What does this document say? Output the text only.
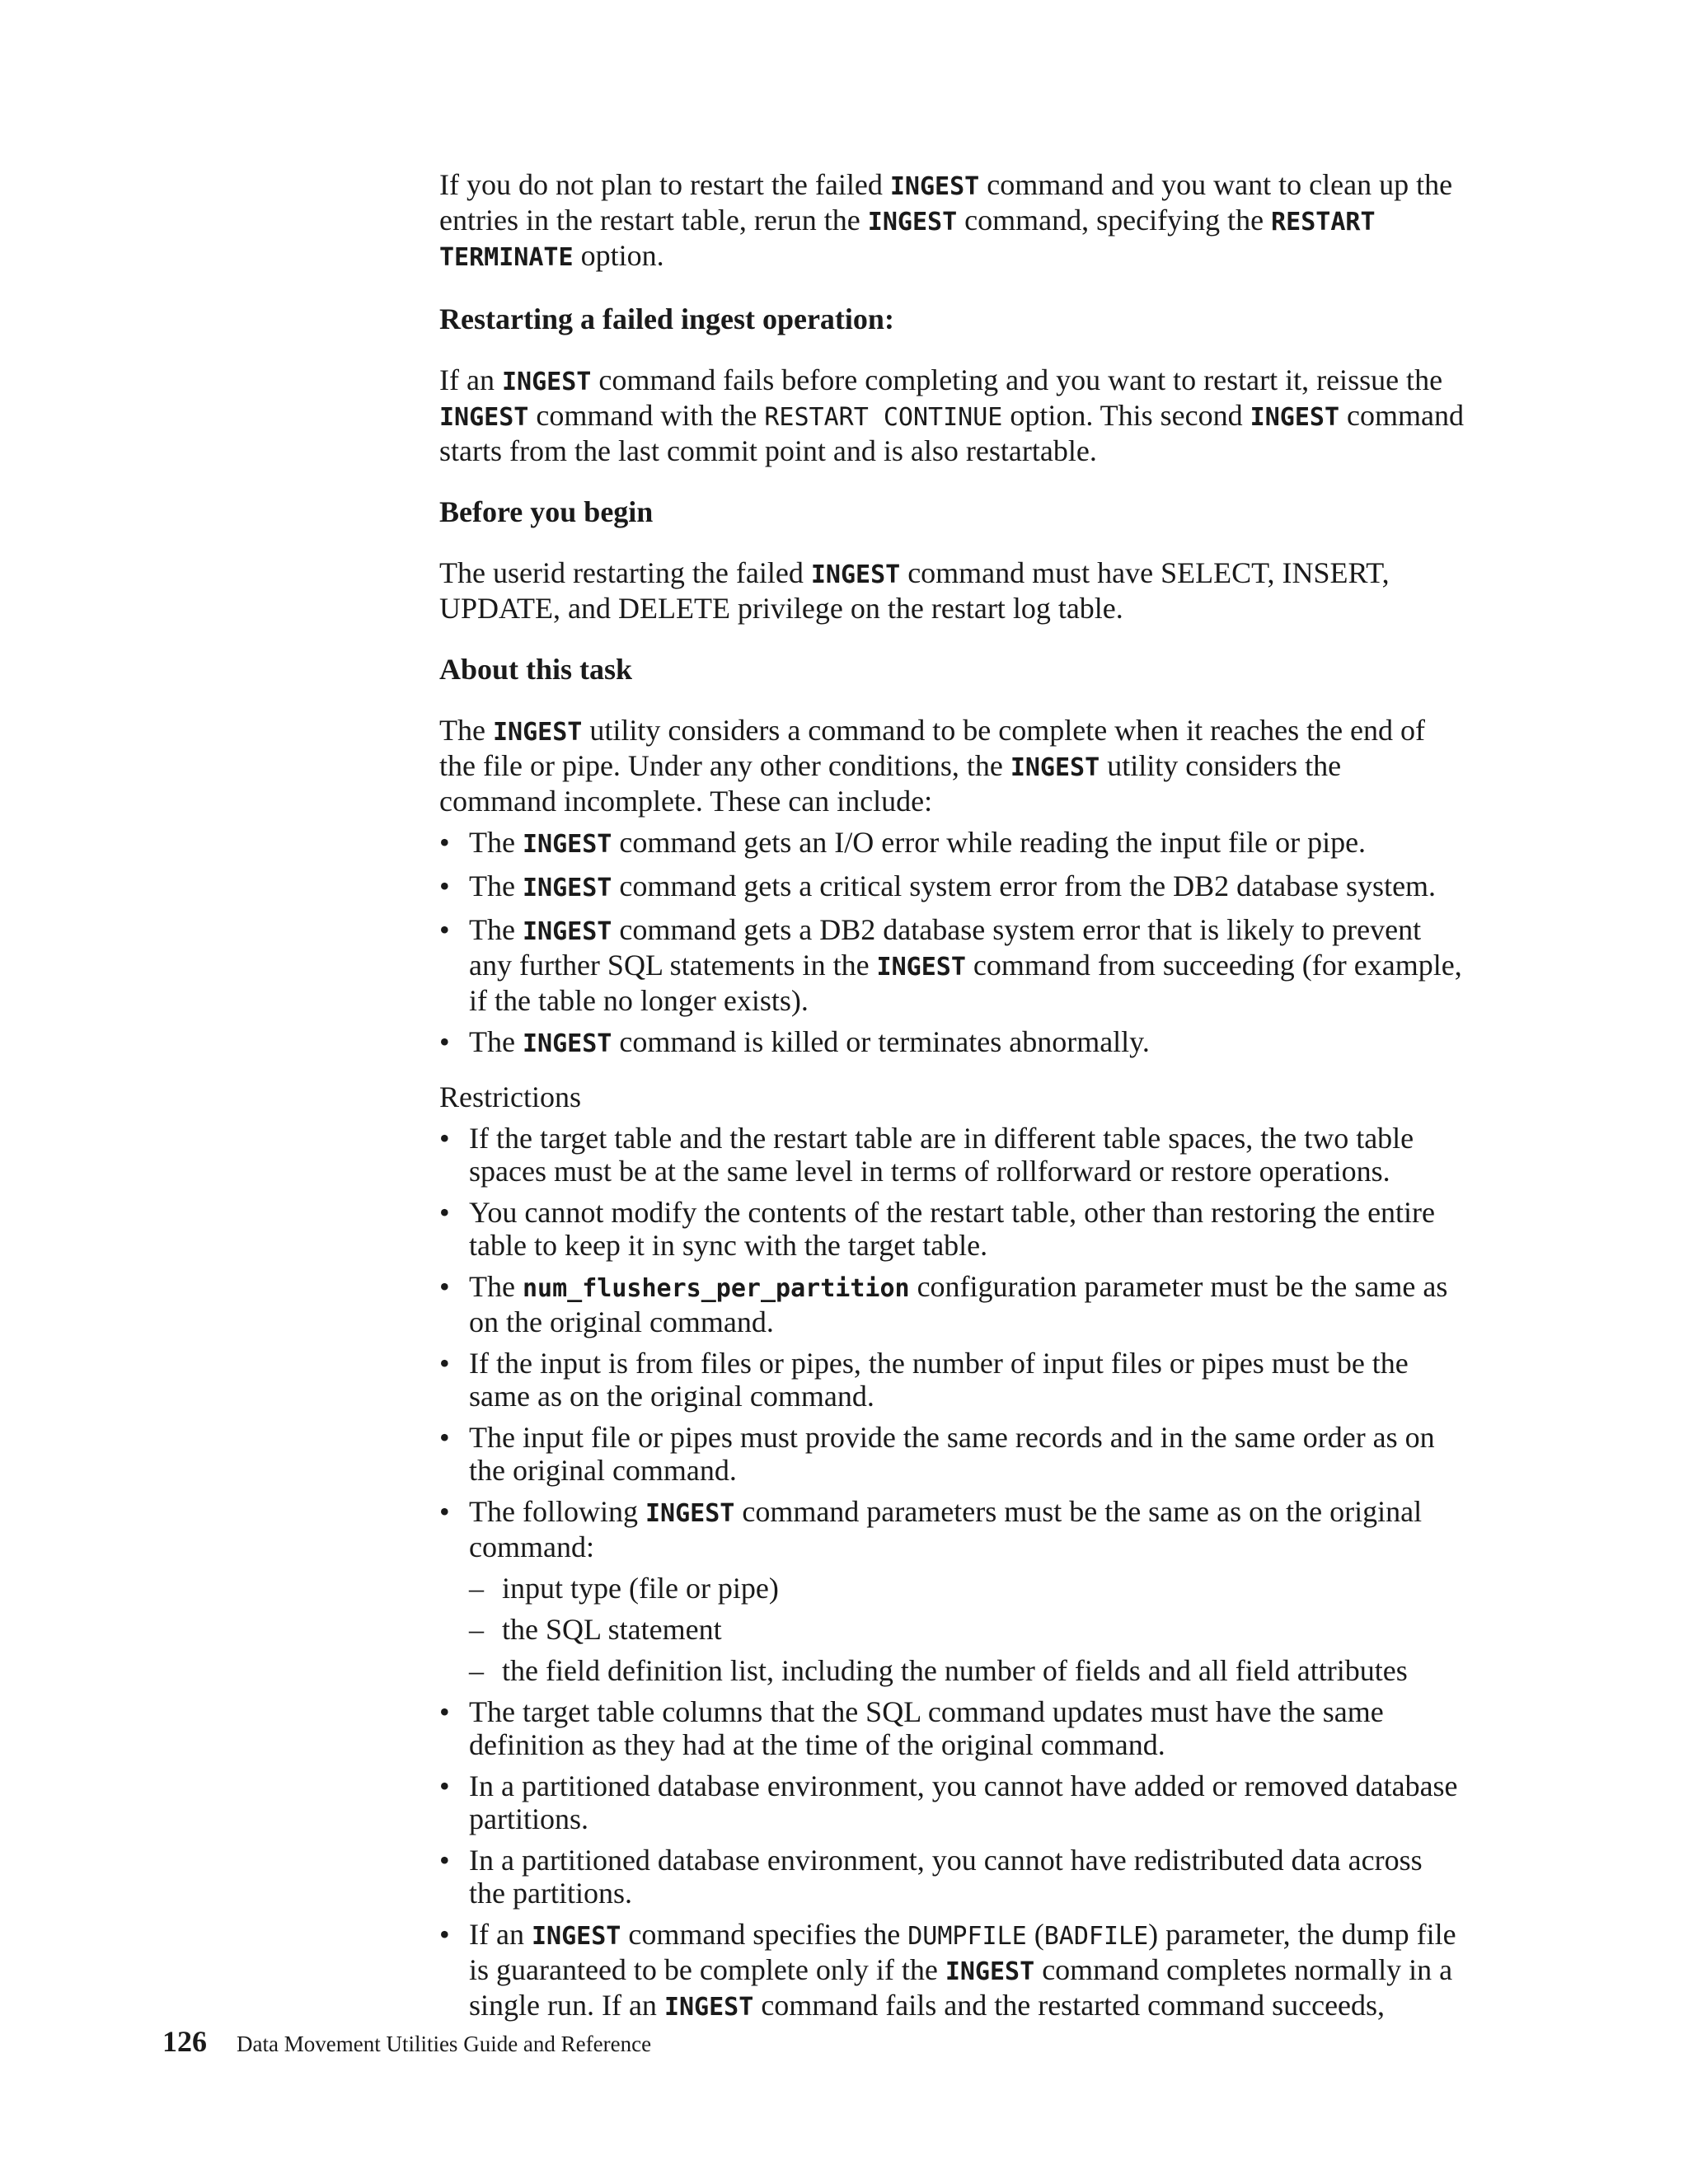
If you do not plan to restart the failed INGEST command and you want to clean up the entries in the restart table, rerun the INGEST command, specifying the RESTART TERMINATE option.

Restarting a failed ingest operation:

If an INGEST command fails before completing and you want to restart it, reissue the INGEST command with the RESTART CONTINUE option. This second INGEST command starts from the last commit point and is also restartable.

Before you begin

The userid restarting the failed INGEST command must have SELECT, INSERT, UPDATE, and DELETE privilege on the restart log table.

About this task

The INGEST utility considers a command to be complete when it reaches the end of the file or pipe. Under any other conditions, the INGEST utility considers the command incomplete. These can include:

• The INGEST command gets an I/O error while reading the input file or pipe.
• The INGEST command gets a critical system error from the DB2 database system.
• The INGEST command gets a DB2 database system error that is likely to prevent any further SQL statements in the INGEST command from succeeding (for example, if the table no longer exists).
• The INGEST command is killed or terminates abnormally.

Restrictions

• If the target table and the restart table are in different table spaces, the two table spaces must be at the same level in terms of rollforward or restore operations.
• You cannot modify the contents of the restart table, other than restoring the entire table to keep it in sync with the target table.
• The num_flushers_per_partition configuration parameter must be the same as on the original command.
• If the input is from files or pipes, the number of input files or pipes must be the same as on the original command.
• The input file or pipes must provide the same records and in the same order as on the original command.
• The following INGEST command parameters must be the same as on the original command:
– input type (file or pipe)
– the SQL statement
– the field definition list, including the number of fields and all field attributes
• The target table columns that the SQL command updates must have the same definition as they had at the time of the original command.
• In a partitioned database environment, you cannot have added or removed database partitions.
• In a partitioned database environment, you cannot have redistributed data across the partitions.
• If an INGEST command specifies the DUMPFILE (BADFILE) parameter, the dump file is guaranteed to be complete only if the INGEST command completes normally in a single run. If an INGEST command fails and the restarted command succeeds,
126 Data Movement Utilities Guide and Reference
